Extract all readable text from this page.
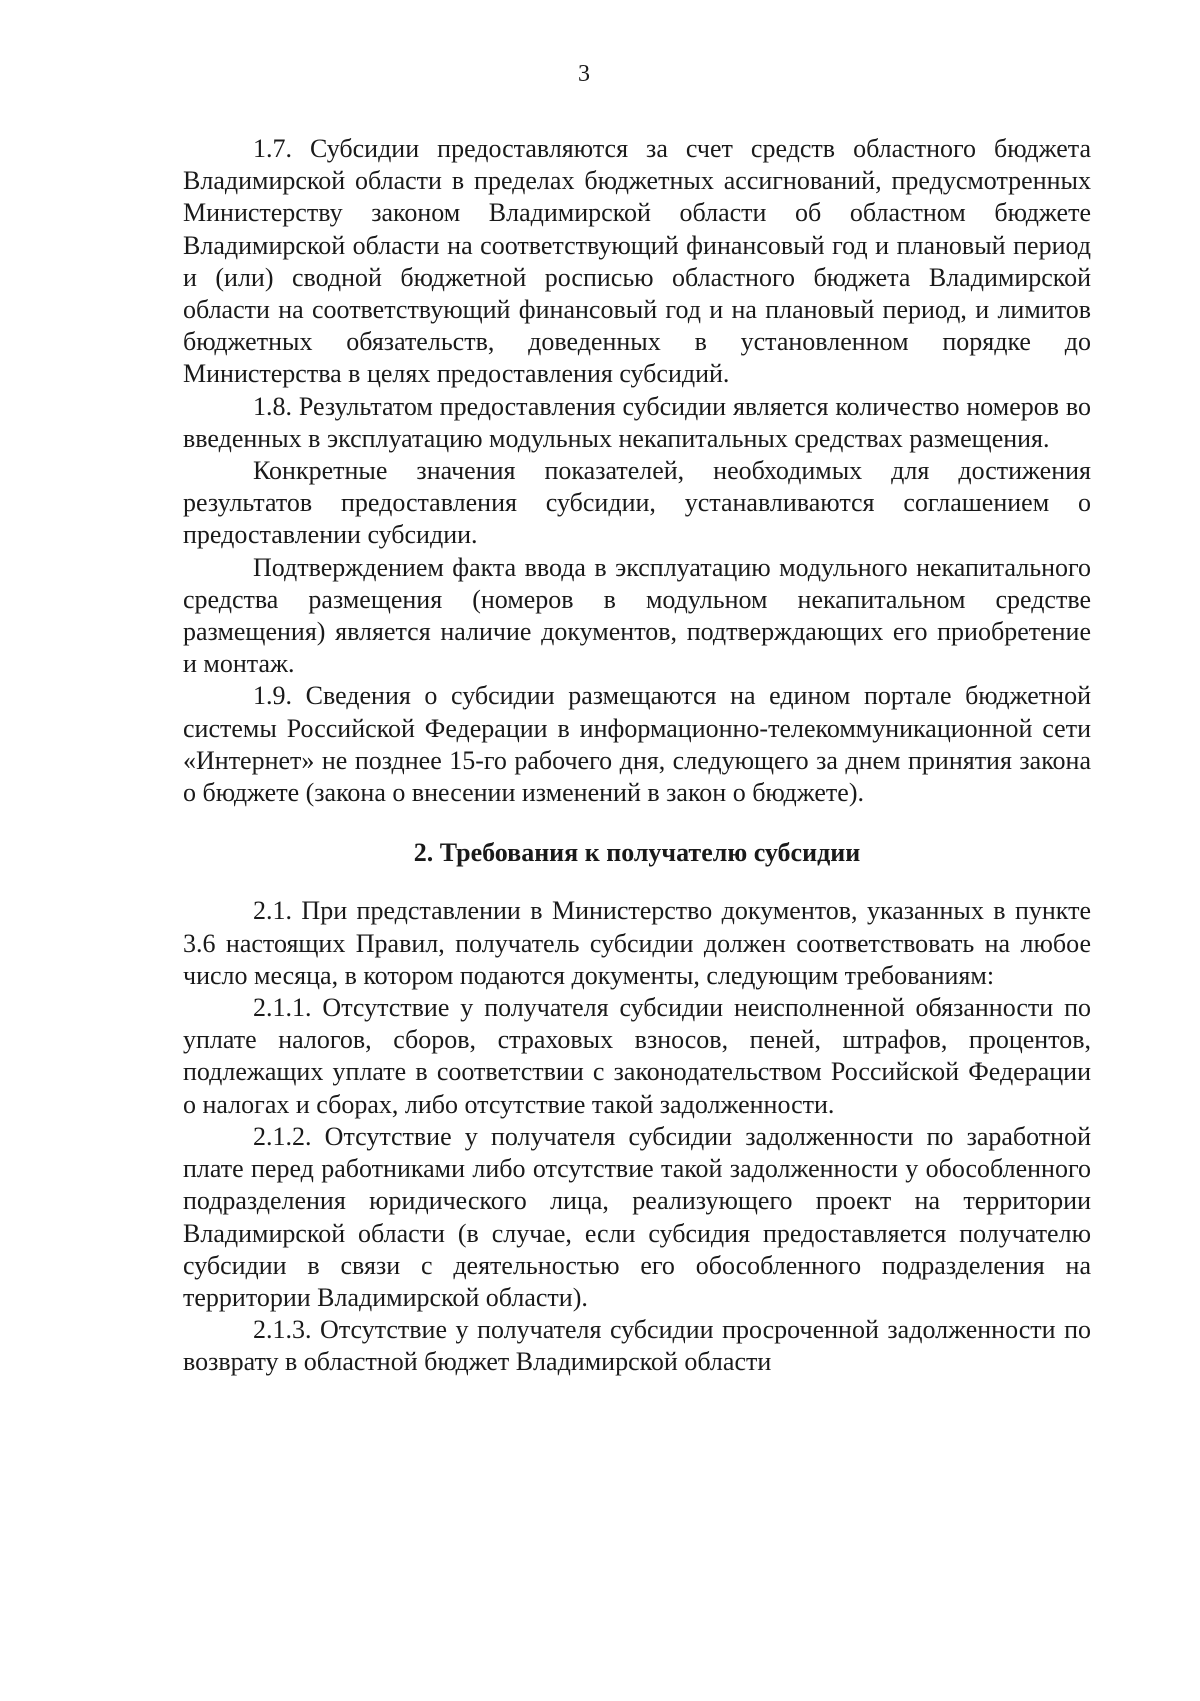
3

1.7. Субсидии предоставляются за счет средств областного бюджета Владимирской области в пределах бюджетных ассигнований, предусмотренных Министерству законом Владимирской области об областном бюджете Владимирской области на соответствующий финансовый год и плановый период и (или) сводной бюджетной росписью областного бюджета Владимирской области на соответствующий финансовый год и на плановый период, и лимитов бюджетных обязательств, доведенных в установленном порядке до Министерства в целях предоставления субсидий.

1.8. Результатом предоставления субсидии является количество номеров во введенных в эксплуатацию модульных некапитальных средствах размещения.

Конкретные значения показателей, необходимых для достижения результатов предоставления субсидии, устанавливаются соглашением о предоставлении субсидии.

Подтверждением факта ввода в эксплуатацию модульного некапитального средства размещения (номеров в модульном некапитальном средстве размещения) является наличие документов, подтверждающих его приобретение и монтаж.

1.9. Сведения о субсидии размещаются на едином портале бюджетной системы Российской Федерации в информационно-телекоммуникационной сети «Интернет» не позднее 15-го рабочего дня, следующего за днем принятия закона о бюджете (закона о внесении изменений в закон о бюджете).

2. Требования к получателю субсидии

2.1. При представлении в Министерство документов, указанных в пункте 3.6 настоящих Правил, получатель субсидии должен соответствовать на любое число месяца, в котором подаются документы, следующим требованиям:

2.1.1. Отсутствие у получателя субсидии неисполненной обязанности по уплате налогов, сборов, страховых взносов, пеней, штрафов, процентов, подлежащих уплате в соответствии с законодательством Российской Федерации о налогах и сборах, либо отсутствие такой задолженности.

2.1.2. Отсутствие у получателя субсидии задолженности по заработной плате перед работниками либо отсутствие такой задолженности у обособленного подразделения юридического лица, реализующего проект на территории Владимирской области (в случае, если субсидия предоставляется получателю субсидии в связи с деятельностью его обособленного подразделения на территории Владимирской области).

2.1.3. Отсутствие у получателя субсидии просроченной задолженности по возврату в областной бюджет Владимирской области
